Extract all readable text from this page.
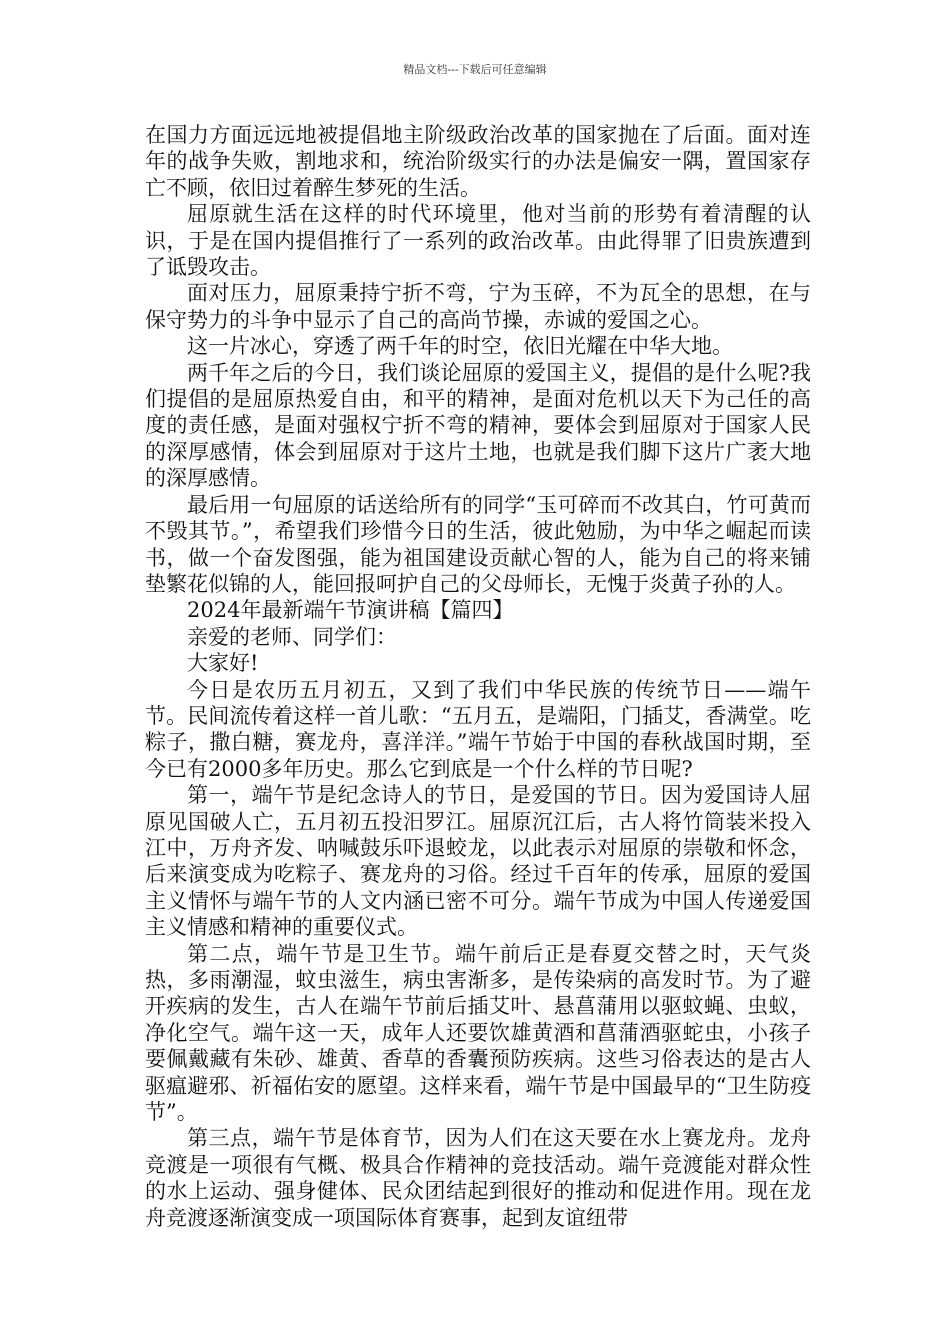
精品文档---下载后可任意编辑

在国力方面远远地被提倡地主阶级政治改革的国家抛在了后面。面对连年的战争失败，割地求和，统治阶级实行的办法是偏安一隅，置国家存亡不顾，依旧过着醉生梦死的生活。

屈原就生活在这样的时代环境里，他对当前的形势有着清醒的认识，于是在国内提倡推行了一系列的政治改革。由此得罪了旧贵族遭到了诋毁攻击。

面对压力，屈原秉持宁折不弯，宁为玉碎，不为瓦全的思想，在与保守势力的斗争中显示了自己的高尚节操，赤诚的爱国之心。

这一片冰心，穿透了两千年的时空，依旧光耀在中华大地。

两千年之后的今日，我们谈论屈原的爱国主义，提倡的是什么呢?我们提倡的是屈原热爱自由，和平的精神，是面对危机以天下为己任的高度的责任感，是面对强权宁折不弯的精神，要体会到屈原对于国家人民的深厚感情，体会到屈原对于这片土地，也就是我们脚下这片广袤大地的深厚感情。

最后用一句屈原的话送给所有的同学“玉可碎而不改其白，竹可黄而不毁其节。”，希望我们珍惜今日的生活，彼此勉励，为中华之崛起而读书，做一个奋发图强，能为祖国建设贡献心智的人，能为自己的将来铺垫繁花似锦的人，能回报呵护自己的父母师长，无愧于炎黄子孙的人。

2024年最新端午节演讲稿【篇四】

亲爱的老师、同学们：

大家好!

今日是农历五月初五，又到了我们中华民族的传统节日——端午节。民间流传着这样一首儿歌：“五月五，是端阳，门插艾，香满堂。吃粽子，撒白糖，赛龙舟，喜洋洋。”端午节始于中国的春秋战国时期，至今已有2000多年历史。那么它到底是一个什么样的节日呢?

第一，端午节是纪念诗人的节日，是爱国的节日。因为爱国诗人屈原见国破人亡，五月初五投汨罗江。屈原沉江后，古人将竹筒装米投入江中，万舟齐发、呐喊鼓乐吓退蛟龙，以此表示对屈原的崇敬和怀念，后来演变成为吃粽子、赛龙舟的习俗。经过千百年的传承，屈原的爱国主义情怀与端午节的人文内涵已密不可分。端午节成为中国人传递爱国主义情感和精神的重要仪式。

第二点，端午节是卫生节。端午前后正是春夏交替之时，天气炎热，多雨潮湿，蚊虫滋生，病虫害渐多，是传染病的高发时节。为了避开疾病的发生，古人在端午节前后插艾叶、悬菖蒲用以驱蚊蝇、虫蚁，净化空气。端午这一天，成年人还要饮雄黄酒和菖蒲酒驱蛇虫，小孩子要佩戴藏有朱砂、雄黄、香草的香囊预防疾病。这些习俗表达的是古人驱瘟避邪、祈福佑安的愿望。这样来看，端午节是中国最早的“卫生防疫节”。

第三点，端午节是体育节，因为人们在这天要在水上赛龙舟。龙舟竞渡是一项很有气概、极具合作精神的竞技活动。端午竞渡能对群众性的水上运动、强身健体、民众团结起到很好的推动和促进作用。现在龙舟竞渡逐渐演变成一项国际体育赛事，起到友谊纽带
